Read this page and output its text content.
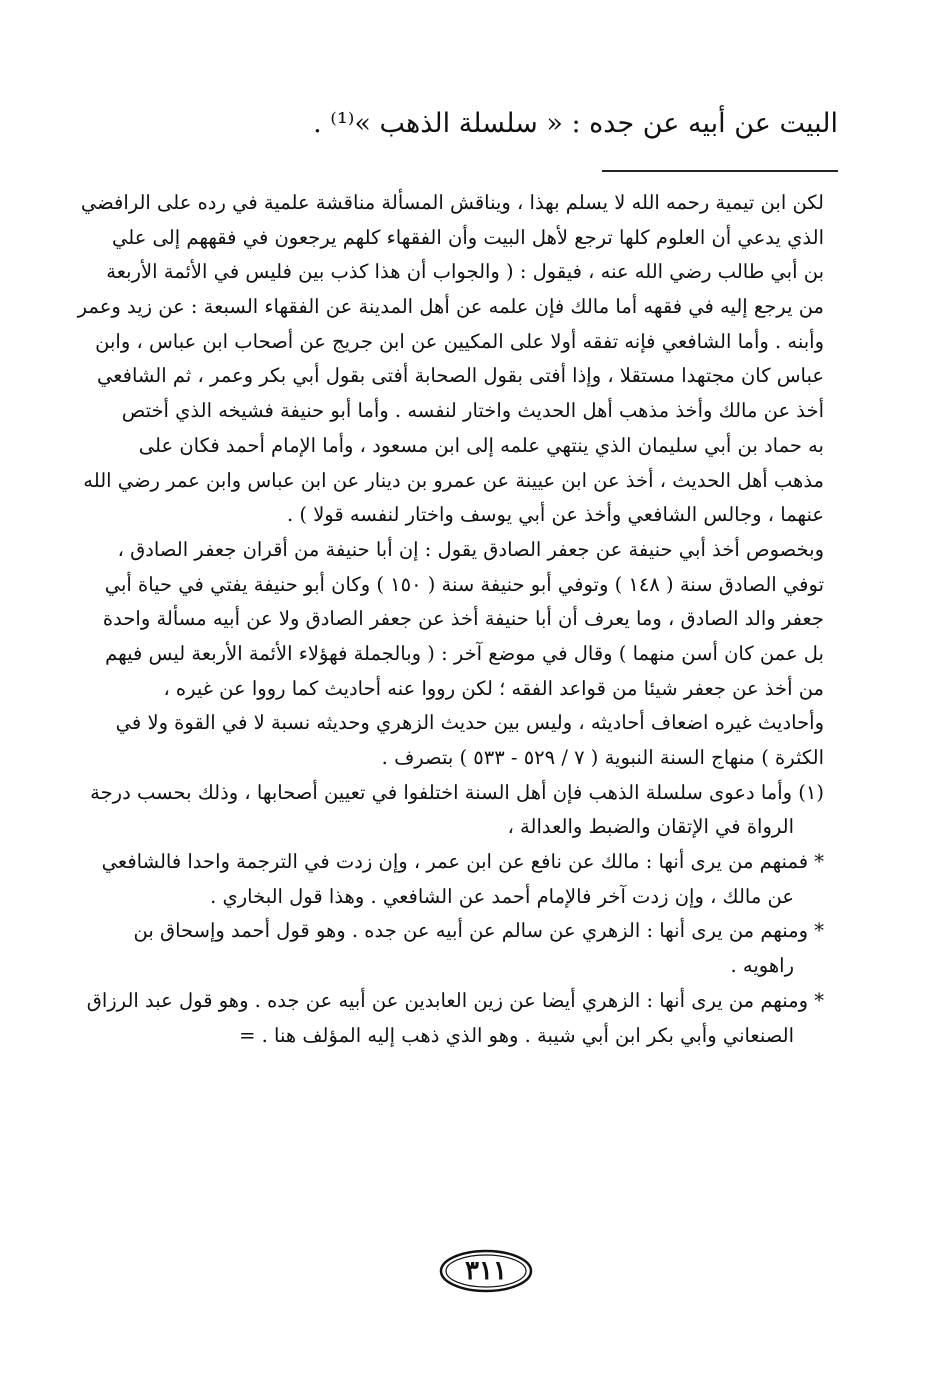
البيت عن أبيه عن جده : « سلسلة الذهب »⁽¹⁾ .
لكن ابن تيمية رحمه الله لا يسلم بهذا ، ويناقش المسألة مناقشة علمية في رده على الرافضي
الذي يدعي أن العلوم كلها ترجع لأهل البيت وأن الفقهاء كلهم يرجعون في فقههم إلى علي
بن أبي طالب رضي الله عنه ، فيقول : ( والجواب أن هذا كذب بين فليس في الأئمة الأربعة
من يرجع إليه في فقهه أما مالك فإن علمه عن أهل المدينة عن الفقهاء السبعة : عن زيد وعمر
وأبنه . وأما الشافعي فإنه تفقه أولا على المكيين عن ابن جريج عن أصحاب ابن عباس ، وابن
عباس كان مجتهدا مستقلا ، وإذا أفتى بقول الصحابة أفتى بقول أبي بكر وعمر ، ثم الشافعي
أخذ عن مالك وأخذ مذهب أهل الحديث واختار لنفسه . وأما أبو حنيفة فشيخه الذي أختص
به حماد بن أبي سليمان الذي ينتهي علمه إلى ابن مسعود ، وأما الإمام أحمد فكان على
مذهب أهل الحديث ، أخذ عن ابن عيينة عن عمرو بن دينار عن ابن عباس وابن عمر رضي الله
عنهما ، وجالس الشافعي وأخذ عن أبي يوسف واختار لنفسه قولا ) .
وبخصوص أخذ أبي حنيفة عن جعفر الصادق يقول : إن أبا حنيفة من أقران جعفر الصادق ،
توفي الصادق سنة ( ١٤٨ ) وتوفي أبو حنيفة سنة ( ١٥٠ ) وكان أبو حنيفة يفتي في حياة أبي
جعفر والد الصادق ، وما يعرف أن أبا حنيفة أخذ عن جعفر الصادق ولا عن أبيه مسألة واحدة
بل عمن كان أسن منهما ) وقال في موضع آخر : ( وبالجملة فهؤلاء الأئمة الأربعة ليس فيهم
من أخذ عن جعفر شيئا من قواعد الفقه ؛ لكن رووا عنه أحاديث كما رووا عن غيره ،
وأحاديث غيره اضعاف أحاديثه ، وليس بين حديث الزهري وحديثه نسبة لا في القوة ولا في
الكثرة ) منهاج السنة النبوية ( ٧ / ٥٢٩ - ٥٣٣ ) بتصرف .
(١) وأما دعوى سلسلة الذهب فإن أهل السنة اختلفوا في تعيين أصحابها ، وذلك بحسب درجة
الرواة في الإتقان والضبط والعدالة ،
* فمنهم من يرى أنها : مالك عن نافع عن ابن عمر ، وإن زدت في الترجمة واحدا فالشافعي
عن مالك ، وإن زدت آخر فالإمام أحمد عن الشافعي . وهذا قول البخاري .
* ومنهم من يرى أنها : الزهري عن سالم عن أبيه عن جده . وهو قول أحمد وإسحاق بن
راهويه .
* ومنهم من يرى أنها : الزهري أيضا عن زين العابدين عن أبيه عن جده . وهو قول عبد الرزاق
الصنعاني وأبي بكر ابن أبي شيبة . وهو الذي ذهب إليه المؤلف هنا . =
٣١١
